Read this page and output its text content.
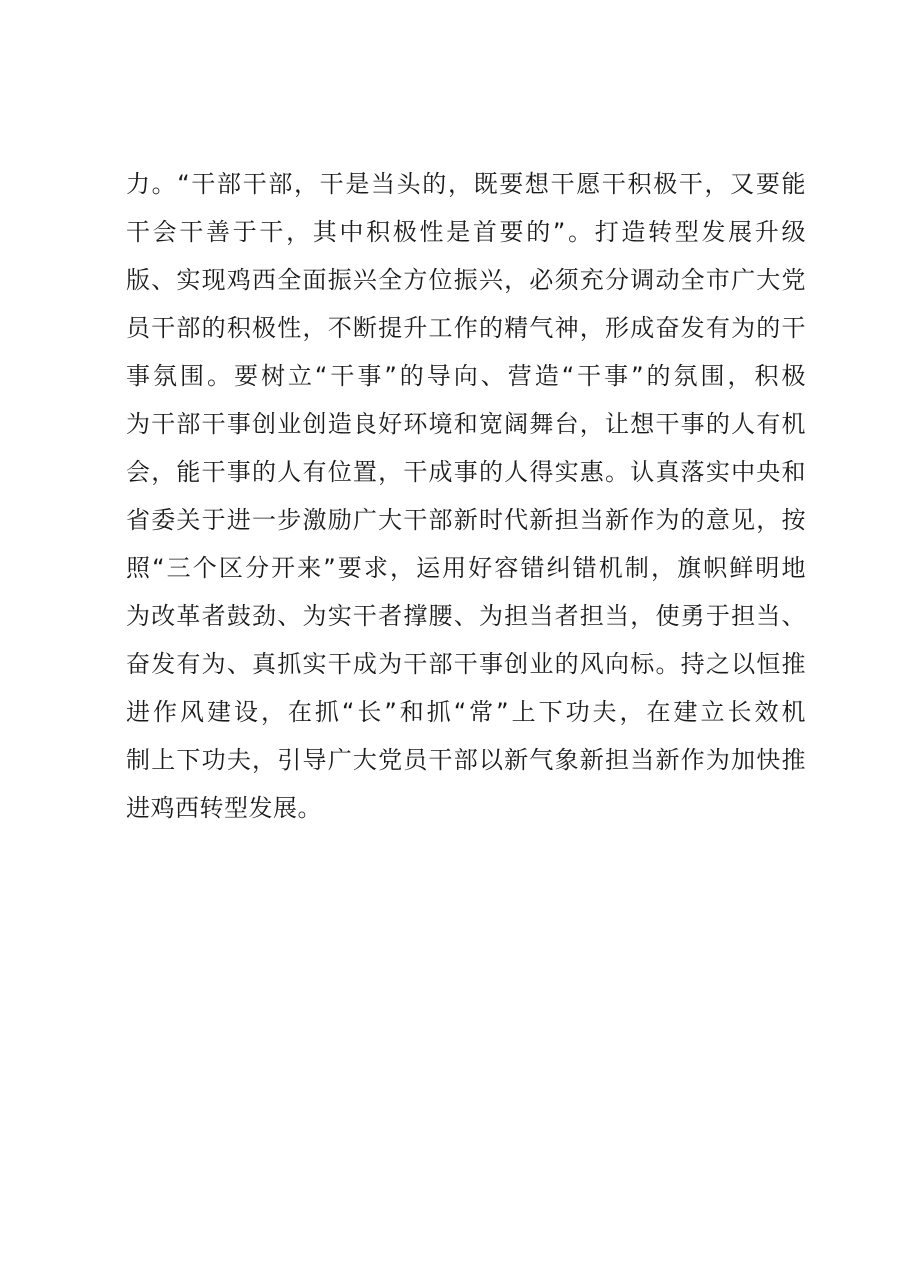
力。“干部干部，干是当头的，既要想干愿干积极干，又要能
干会干善于干，其中积极性是首要的”。打造转型发展升级
版、实现鸡西全面振兴全方位振兴，必须充分调动全市广大党
员干部的积极性，不断提升工作的精气神，形成奋发有为的干
事氛围。要树立“干事”的导向、营造“干事”的氛围，积极
为干部干事创业创造良好环境和宽阔舞台，让想干事的人有机
会，能干事的人有位置，干成事的人得实惠。认真落实中央和
省委关于进一步激励广大干部新时代新担当新作为的意见，按
照“三个区分开来”要求，运用好容错纠错机制，旗帜鲜明地
为改革者鼓劲、为实干者撑腰、为担当者担当，使勇于担当、
奋发有为、真抓实干成为干部干事创业的风向标。持之以恒推
进作风建设，在抓“长”和抓“常”上下功夫，在建立长效机
制上下功夫，引导广大党员干部以新气象新担当新作为加快推
进鸡西转型发展。
